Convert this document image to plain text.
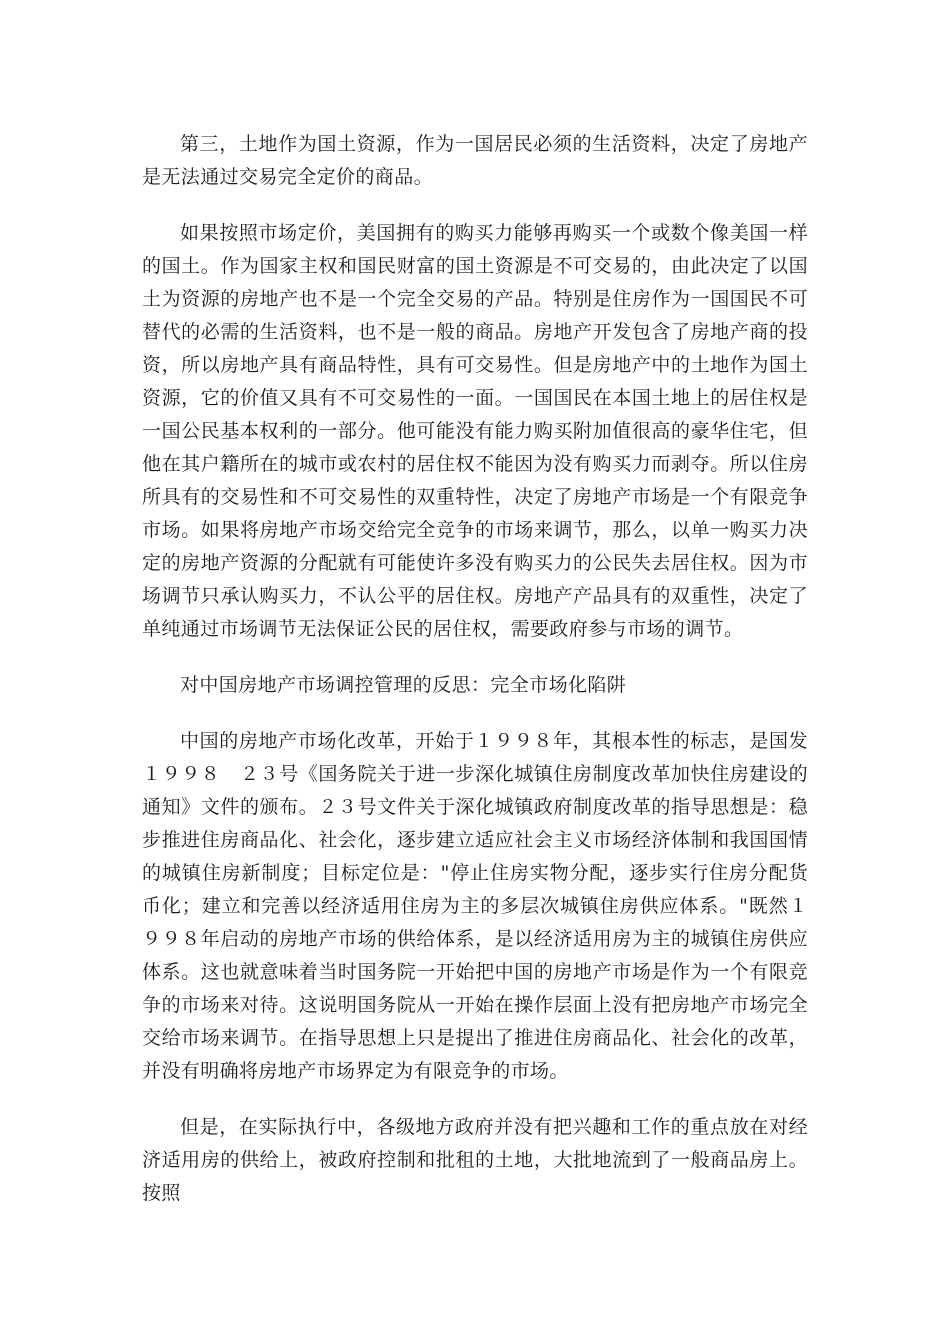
第三，土地作为国土资源，作为一国居民必须的生活资料，决定了房地产是无法通过交易完全定价的商品。

如果按照市场定价，美国拥有的购买力能够再购买一个或数个像美国一样的国土。作为国家主权和国民财富的国土资源是不可交易的，由此决定了以国土为资源的房地产也不是一个完全交易的产品。特别是住房作为一国国民不可替代的必需的生活资料，也不是一般的商品。房地产开发包含了房地产商的投资，所以房地产具有商品特性，具有可交易性。但是房地产中的土地作为国土资源，它的价值又具有不可交易性的一面。一国国民在本国土地上的居住权是一国公民基本权利的一部分。他可能没有能力购买附加值很高的豪华住宅，但他在其户籍所在的城市或农村的居住权不能因为没有购买力而剥夺。所以住房所具有的交易性和不可交易性的双重特性，决定了房地产市场是一个有限竞争市场。如果将房地产市场交给完全竞争的市场来调节，那么，以单一购买力决定的房地产资源的分配就有可能使许多没有购买力的公民失去居住权。因为市场调节只承认购买力，不认公平的居住权。房地产产品具有的双重性，决定了单纯通过市场调节无法保证公民的居住权，需要政府参与市场的调节。

对中国房地产市场调控管理的反思：完全市场化陷阱

中国的房地产市场化改革，开始于１９９８年，其根本性的标志，是国发１９９８　２３号《国务院关于进一步深化城镇住房制度改革加快住房建设的通知》文件的颁布。２３号文件关于深化城镇政府制度改革的指导思想是：稳步推进住房商品化、社会化，逐步建立适应社会主义市场经济体制和我国国情的城镇住房新制度；目标定位是："停止住房实物分配，逐步实行住房分配货币化；建立和完善以经济适用住房为主的多层次城镇住房供应体系。"既然１９９８年启动的房地产市场的供给体系，是以经济适用房为主的城镇住房供应体系。这也就意味着当时国务院一开始把中国的房地产市场是作为一个有限竞争的市场来对待。这说明国务院从一开始在操作层面上没有把房地产市场完全交给市场来调节。在指导思想上只是提出了推进住房商品化、社会化的改革，并没有明确将房地产市场界定为有限竞争的市场。

但是，在实际执行中，各级地方政府并没有把兴趣和工作的重点放在对经济适用房的供给上，被政府控制和批租的土地，大批地流到了一般商品房上。按照
